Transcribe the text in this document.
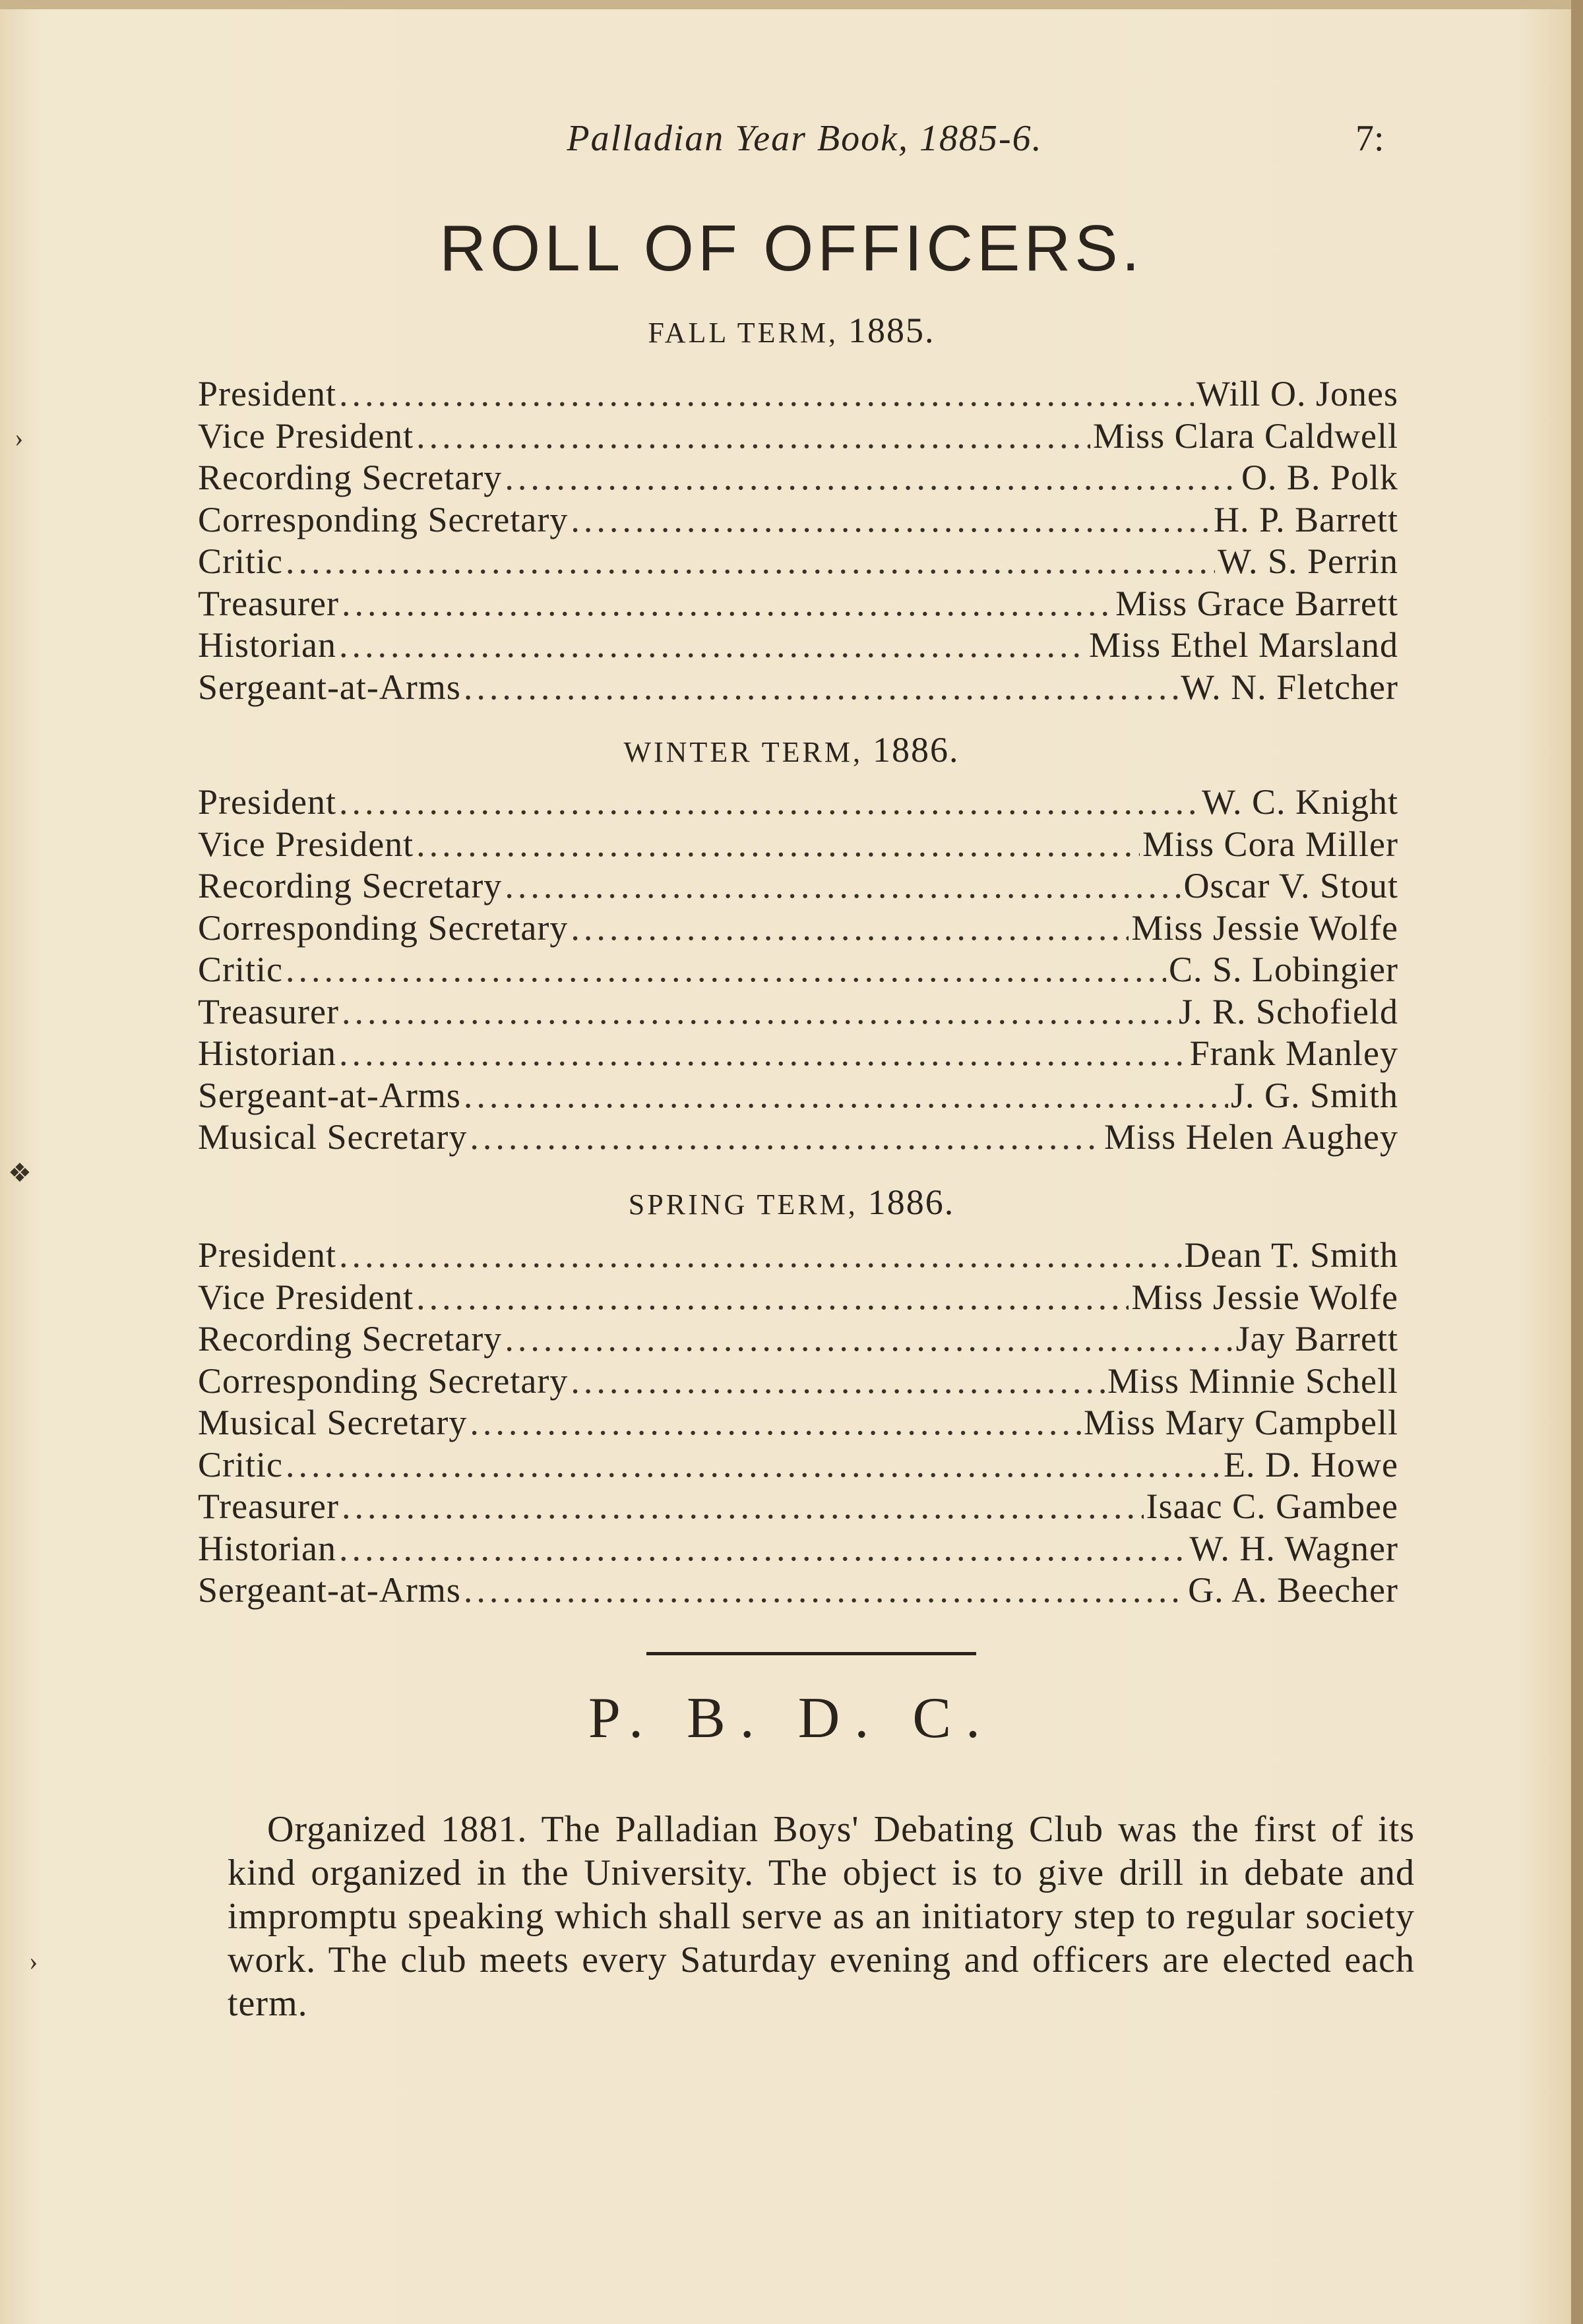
Palladian Year Book, 1885-6.	7:
ROLL OF OFFICERS.
FALL TERM, 1885.
President .....	Will O. Jones
Vice President .....	Miss Clara Caldwell
Recording Secretary .....	O. B. Polk
Corresponding Secretary .....	H. P. Barrett
Critic .....	W. S. Perrin
Treasurer .....	Miss Grace Barrett
Historian .....	Miss Ethel Marsland
Sergeant-at-Arms .....	W. N. Fletcher
WINTER TERM, 1886.
President .....	W. C. Knight
Vice President .....	Miss Cora Miller
Recording Secretary .....	Oscar V. Stout
Corresponding Secretary .....	Miss Jessie Wolfe
Critic .....	C. S. Lobingier
Treasurer .....	J. R. Schofield
Historian .....	Frank Manley
Sergeant-at-Arms .....	J. G. Smith
Musical Secretary .....	Miss Helen Aughey
SPRING TERM, 1886.
President .....	Dean T. Smith
Vice President .....	Miss Jessie Wolfe
Recording Secretary .....	Jay Barrett
Corresponding Secretary .....	Miss Minnie Schell
Musical Secretary .....	Miss Mary Campbell
Critic .....	E. D. Howe
Treasurer .....	Isaac C. Gambee
Historian .....	W. H. Wagner
Sergeant-at-Arms .....	G. A. Beecher
P. B. D. C.

Organized 1881. The Palladian Boys' Debating Club was the first of its kind organized in the University. The object is to give drill in debate and impromptu speaking which shall serve as an initiatory step to regular society work. The club meets every Saturday evening and officers are elected each term.

›
❖
›
